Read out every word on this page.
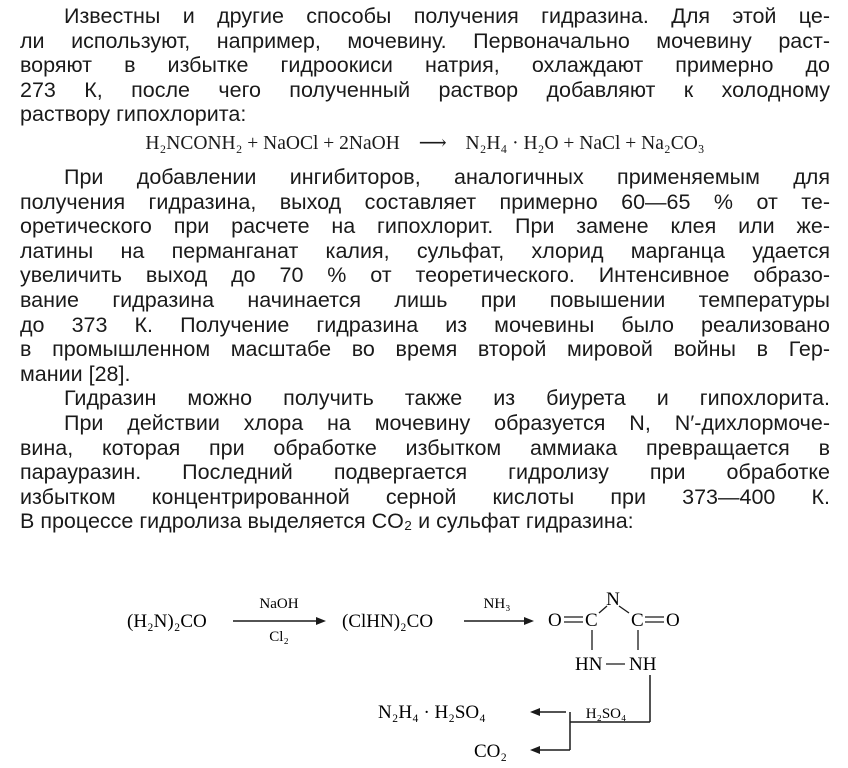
Известны и другие способы получения гидразина. Для этой це-
ли используют, например, мочевину. Первоначально мочевину раст-
воряют в избытке гидроокиси натрия, охлаждают примерно до
273 К, после чего полученный раствор добавляют к холодному
раствору гипохлорита:
H₂NCONH₂ + NaOCl + 2NaOH ⟶ N₂H₄ · H₂O + NaCl + Na₂CO₃
При добавлении ингибиторов, аналогичных применяемым для
получения гидразина, выход составляет примерно 60—65 % от те-
оретического при расчете на гипохлорит. При замене клея или же-
латины на перманганат калия, сульфат, хлорид марганца удается
увеличить выход до 70 % от теоретического. Интенсивное образо-
вание гидразина начинается лишь при повышении температуры
до 373 К. Получение гидразина из мочевины было реализовано
в промышленном масштабе во время второй мировой войны в Гер-
мании [28].
Гидразин можно получить также из биурета и гипохлорита.
При действии хлора на мочевину образуется N, N′-дихлормоче-
вина, которая при обработке избытком аммиака превращается в
парауразин. Последний подвергается гидролизу при обработке
избытком концентрированной серной кислоты при 373—400 К.
В процессе гидролиза выделяется CO₂ и сульфат гидразина:
(H₂N)₂CO
NaOH
Cl₂
(ClHN)₂CO
NH₃	N
O C C O
HN NH
H₂SO₄
N₂H₄ · H₂SO₄
CO₂
